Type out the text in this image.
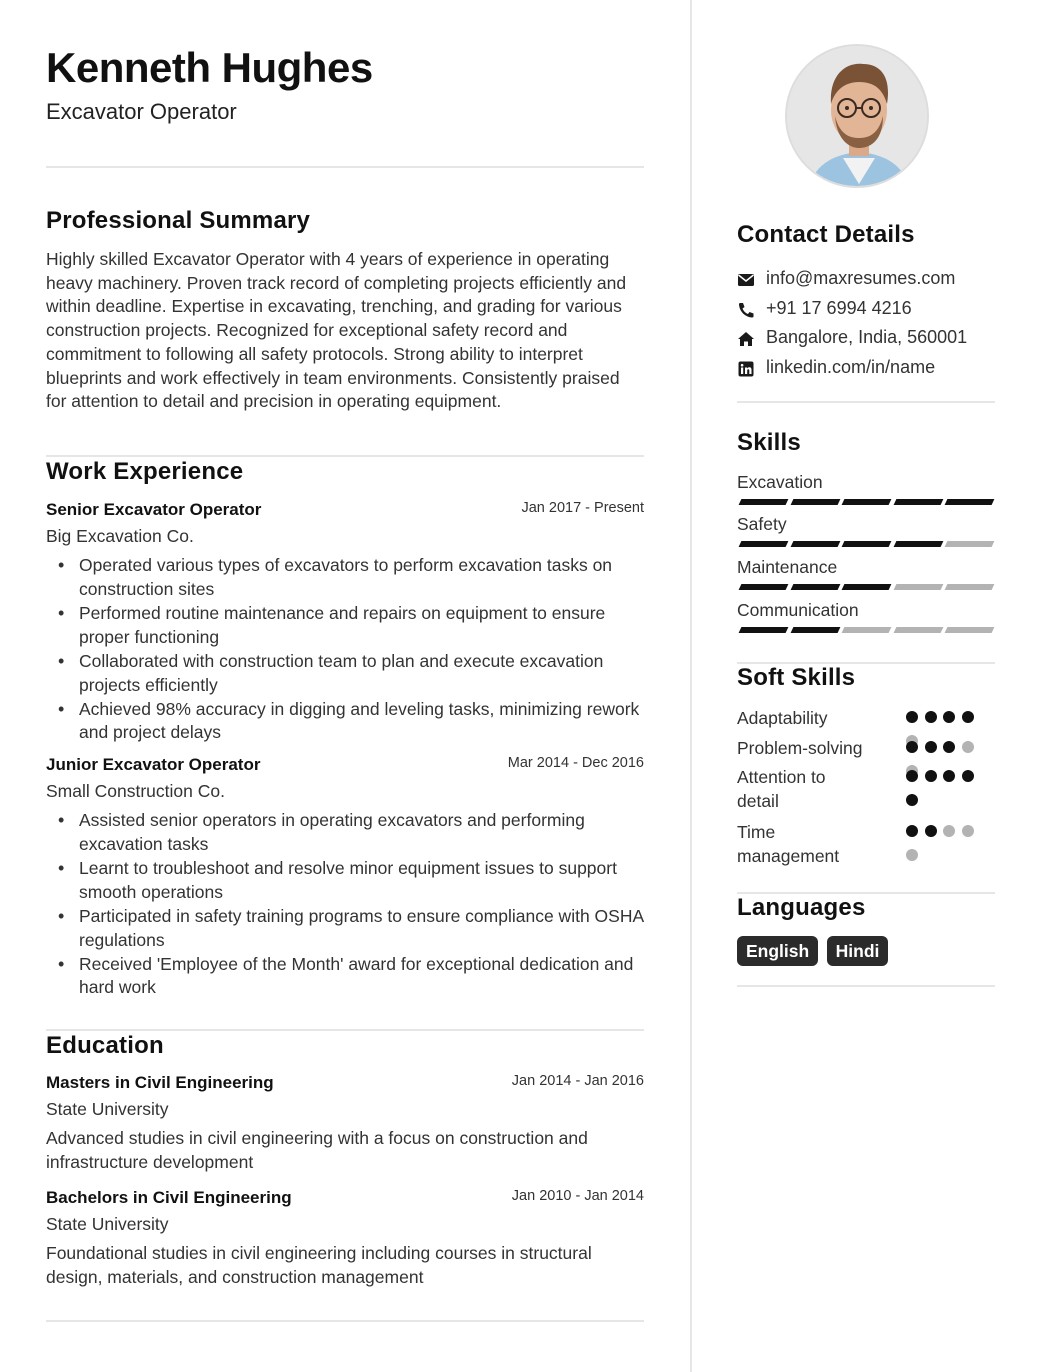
Kenneth Hughes
Excavator Operator
Professional Summary
Highly skilled Excavator Operator with 4 years of experience in operating heavy machinery. Proven track record of completing projects efficiently and within deadline. Expertise in excavating, trenching, and grading for various construction projects. Recognized for exceptional safety record and commitment to following all safety protocols. Strong ability to interpret blueprints and work effectively in team environments. Consistently praised for attention to detail and precision in operating equipment.
Work Experience
Senior Excavator Operator	Jan 2017 - Present
Big Excavation Co.
• Operated various types of excavators to perform excavation tasks on construction sites
• Performed routine maintenance and repairs on equipment to ensure proper functioning
• Collaborated with construction team to plan and execute excavation projects efficiently
• Achieved 98% accuracy in digging and leveling tasks, minimizing rework and project delays
Junior Excavator Operator	Mar 2014 - Dec 2016
Small Construction Co.
• Assisted senior operators in operating excavators and performing excavation tasks
• Learnt to troubleshoot and resolve minor equipment issues to support smooth operations
• Participated in safety training programs to ensure compliance with OSHA regulations
• Received 'Employee of the Month' award for exceptional dedication and hard work
Education
Masters in Civil Engineering	Jan 2014 - Jan 2016
State University
Advanced studies in civil engineering with a focus on construction and infrastructure development
Bachelors in Civil Engineering	Jan 2010 - Jan 2014
State University
Foundational studies in civil engineering including courses in structural design, materials, and construction management
Contact Details
info@maxresumes.com
+91 17 6994 4216
Bangalore, India, 560001
linkedin.com/in/name
Skills
Excavation
Safety
Maintenance
Communication
Soft Skills
Adaptability
Problem-solving
Attention to detail
Time management
Languages
English Hindi
